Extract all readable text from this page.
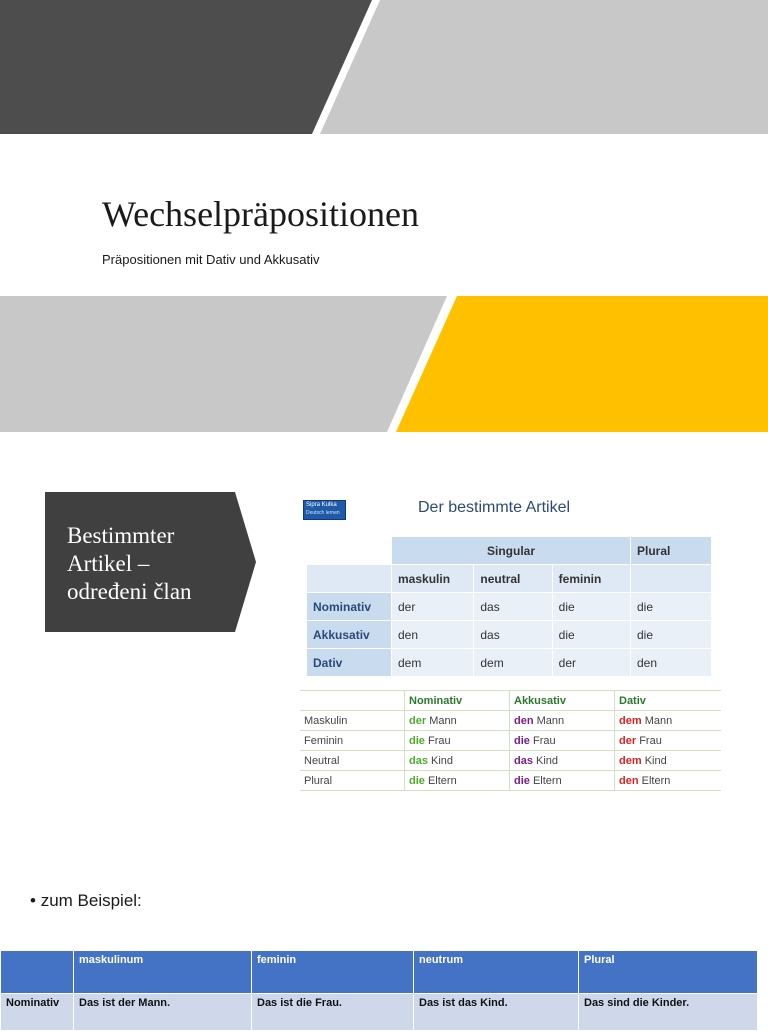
Wechselpräpositionen

Präpositionen mit Dativ und Akkusativ

Bestimmter
Artikel –
određeni član
Sipra Kulka
Deutsch lernen	Der bestimmte Artikel
	Singular			Plural
	maskulin	neutral	feminin	
Nominativ	der	das	die	die
Akkusativ	den	das	die	die
Dativ	dem	dem	der	den
	Nominativ	Akkusativ	Dativ
Maskulin	der Mann	den Mann	dem Mann
Feminin	die Frau	die Frau	der Frau
Neutral	das Kind	das Kind	dem Kind
Plural	die Eltern	die Eltern	den Eltern
• zum Beispiel:
	maskulinum	feminin	neutrum	Plural
Nominativ	Das ist der Mann.	Das ist die Frau.	Das ist das Kind.	Das sind die Kinder.
